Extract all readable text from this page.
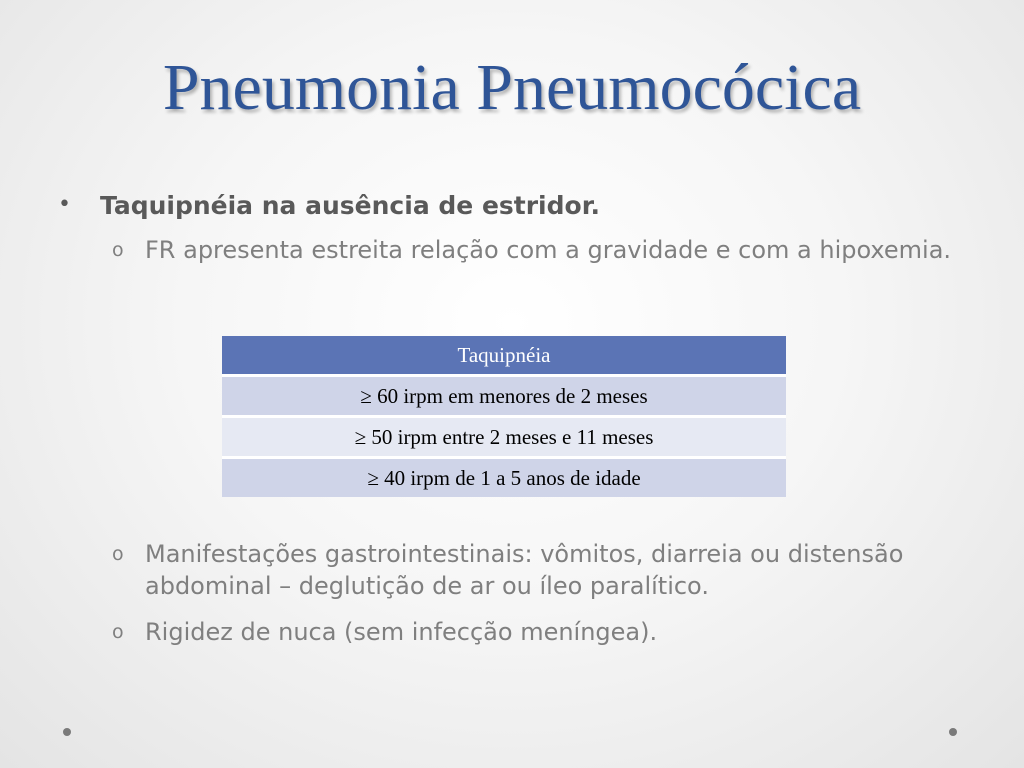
Pneumonia Pneumocócica
• Taquipnéia na ausência de estridor.
o FR apresenta estreita relação com a gravidade e com a hipoxemia.
Taquipnéia
≥ 60 irpm em menores de 2 meses
≥ 50 irpm entre 2 meses e 11 meses
≥ 40 irpm de 1 a 5 anos de idade
o Manifestações gastrointestinais: vômitos, diarreia ou distensão abdominal – deglutição de ar ou íleo paralítico.
o Rigidez de nuca (sem infecção meníngea).
